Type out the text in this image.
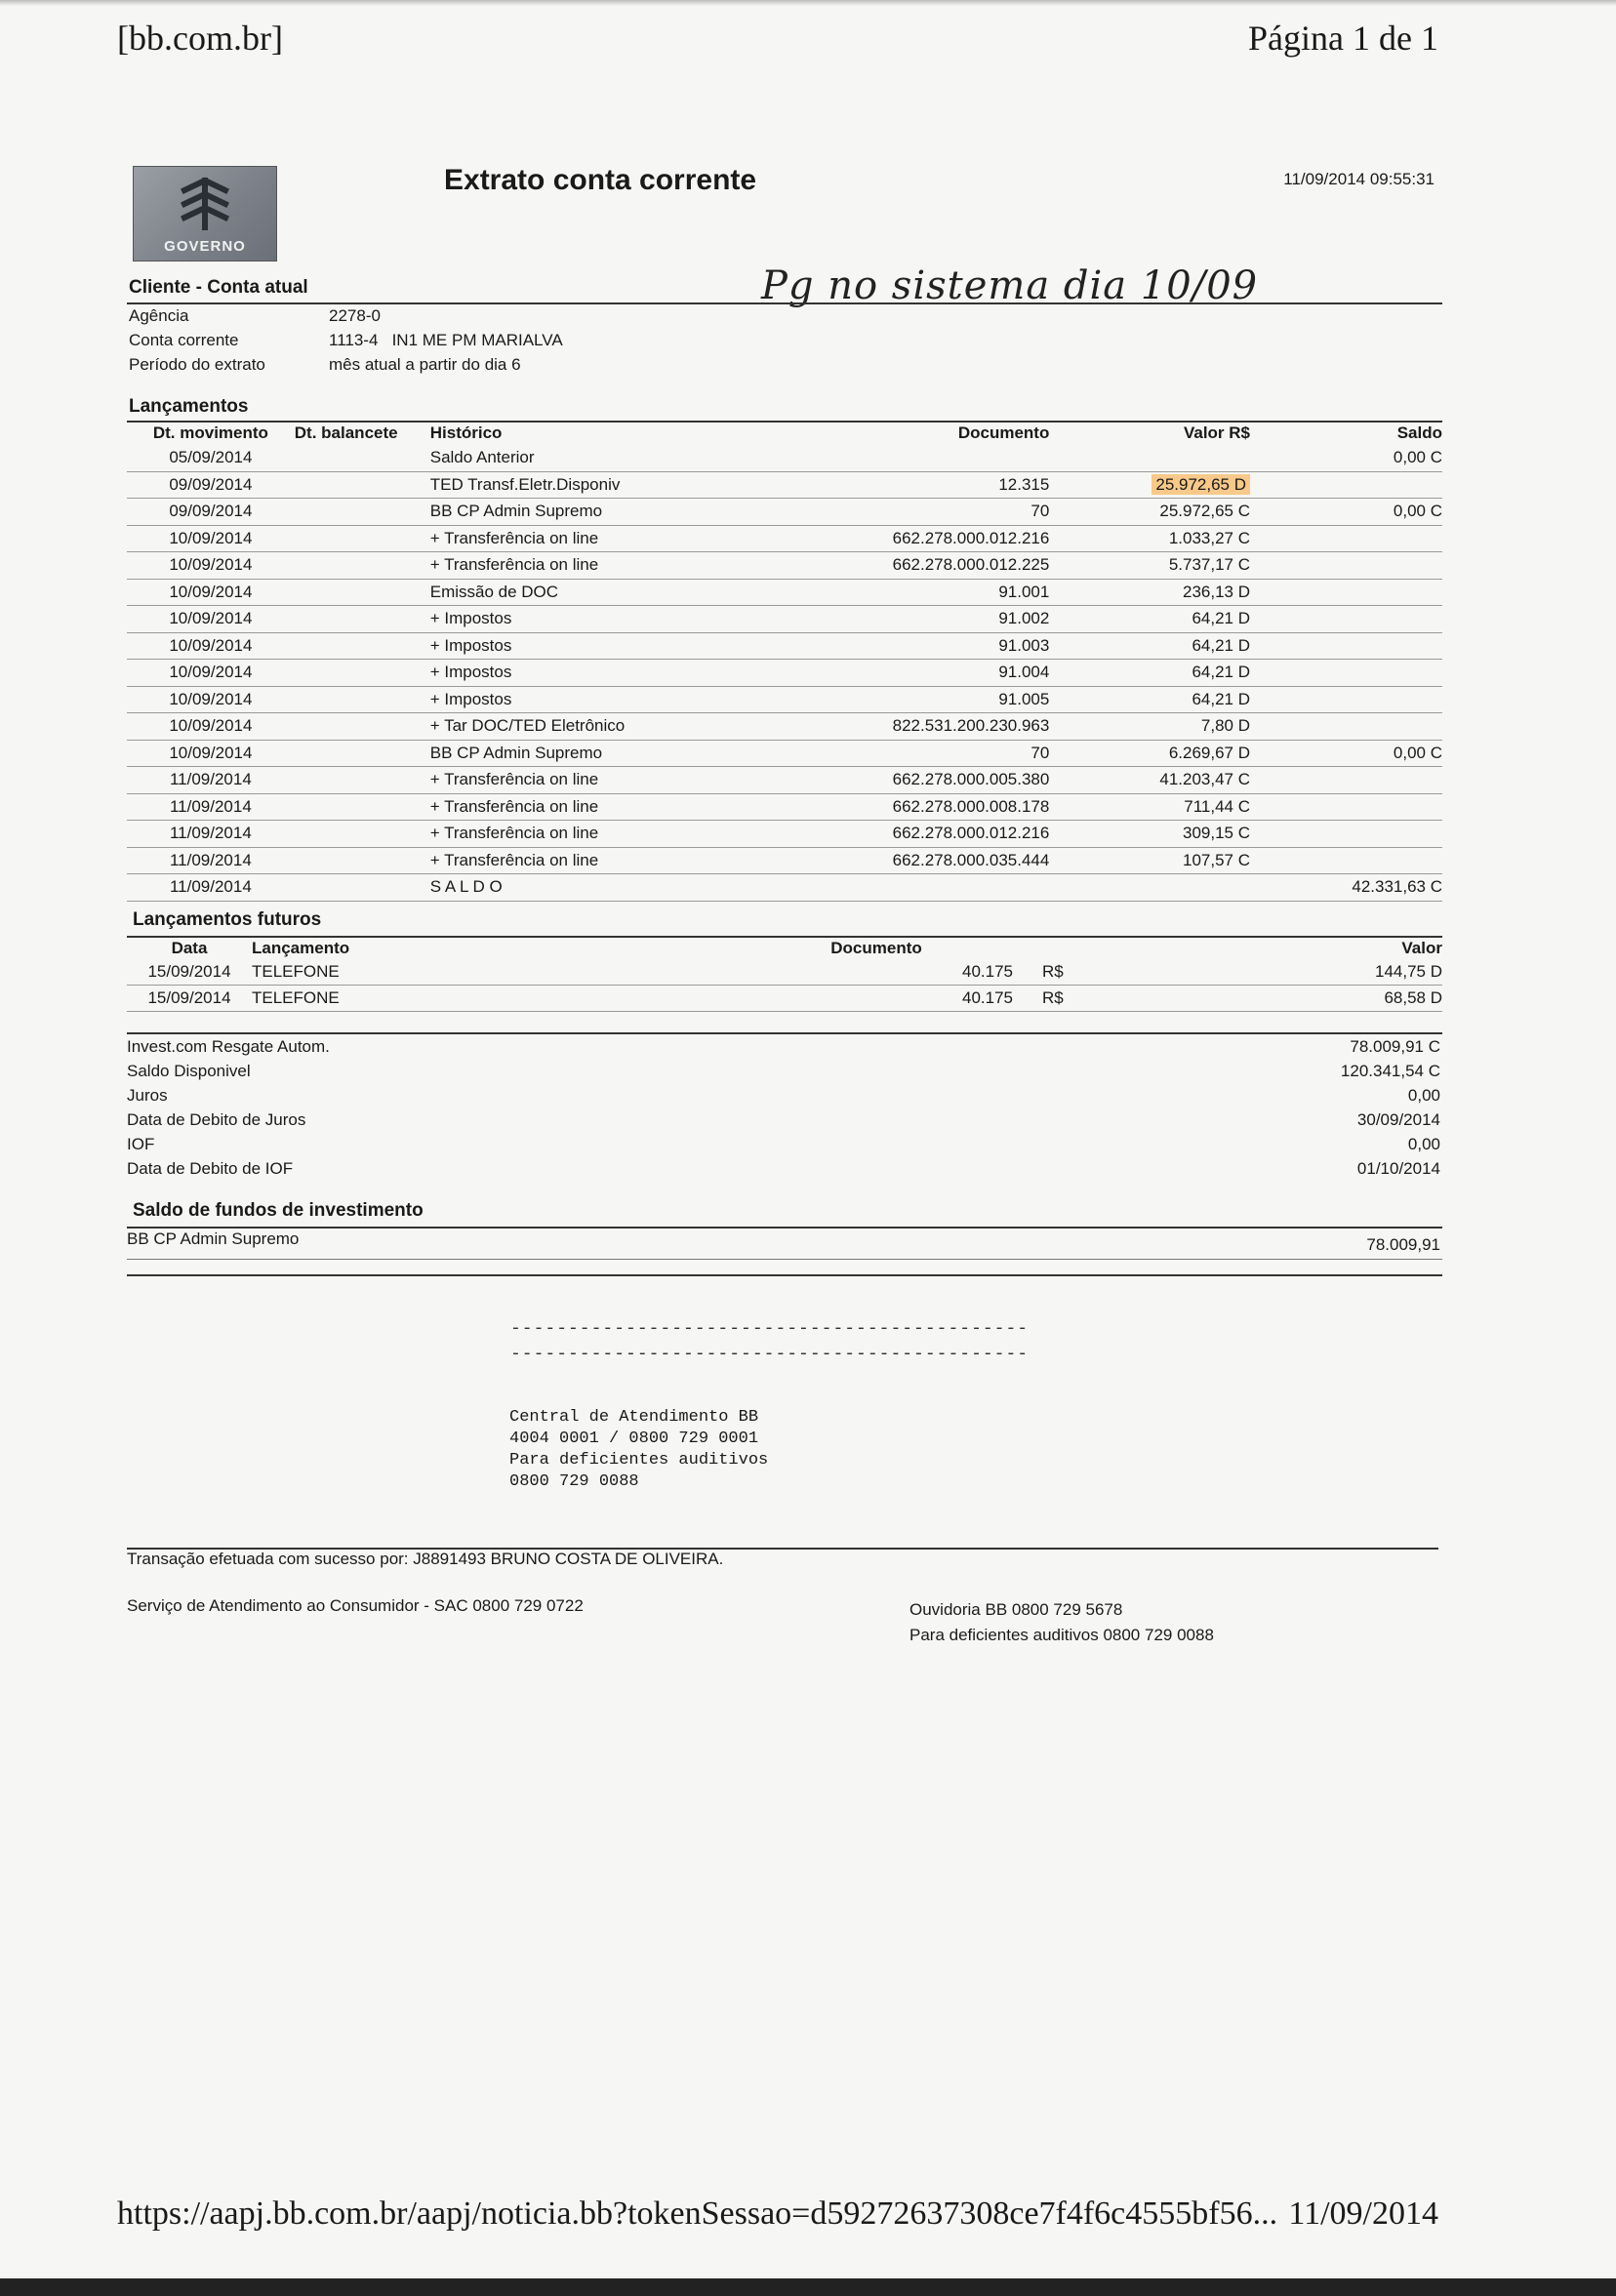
[bb.com.br]	Página 1 de 1
GOVERNO
Extrato conta corrente	11/09/2014 09:55:31
Pg no sistema dia 10/09
Cliente - Conta atual
Agência	2278-0
Conta corrente	1113-4   IN1 ME PM MARIALVA
Período do extrato	mês atual a partir do dia 6
Lançamentos
Dt. movimento	Dt. balancete	Histórico	Documento	Valor R$	Saldo
05/09/2014		Saldo Anterior			0,00 C
09/09/2014		TED Transf.Eletr.Disponiv	12.315	25.972,65 D	
09/09/2014		BB CP Admin Supremo	70	25.972,65 C	0,00 C
10/09/2014		+ Transferência on line	662.278.000.012.216	1.033,27 C	
10/09/2014		+ Transferência on line	662.278.000.012.225	5.737,17 C	
10/09/2014		Emissão de DOC	91.001	236,13 D	
10/09/2014		+ Impostos	91.002	64,21 D	
10/09/2014		+ Impostos	91.003	64,21 D	
10/09/2014		+ Impostos	91.004	64,21 D	
10/09/2014		+ Impostos	91.005	64,21 D	
10/09/2014		+ Tar DOC/TED Eletrônico	822.531.200.230.963	7,80 D	
10/09/2014		BB CP Admin Supremo	70	6.269,67 D	0,00 C
11/09/2014		+ Transferência on line	662.278.000.005.380	41.203,47 C	
11/09/2014		+ Transferência on line	662.278.000.008.178	711,44 C	
11/09/2014		+ Transferência on line	662.278.000.012.216	309,15 C	
11/09/2014		+ Transferência on line	662.278.000.035.444	107,57 C	
11/09/2014		S A L D O			42.331,63 C
Lançamentos futuros
Data	Lançamento	Documento		Valor
15/09/2014	TELEFONE	40.175	R$	144,75 D
15/09/2014	TELEFONE	40.175	R$	68,58 D
Invest.com Resgate Autom.	78.009,91 C
Saldo Disponivel	120.341,54 C
Juros	0,00
Data de Debito de Juros	30/09/2014
IOF	0,00
Data de Debito de IOF	01/10/2014
Saldo de fundos de investimento
BB CP Admin Supremo	78.009,91
---------------------------------------------
---------------------------------------------
Central de Atendimento BB
4004 0001 / 0800 729 0001
Para deficientes auditivos
0800 729 0088
Transação efetuada com sucesso por: J8891493 BRUNO COSTA DE OLIVEIRA.
Serviço de Atendimento ao Consumidor - SAC 0800 729 0722	Ouvidoria BB 0800 729 5678
Para deficientes auditivos 0800 729 0088
https://aapj.bb.com.br/aapj/noticia.bb?tokenSessao=d59272637308ce7f4f6c4555bf56... 11/09/2014
